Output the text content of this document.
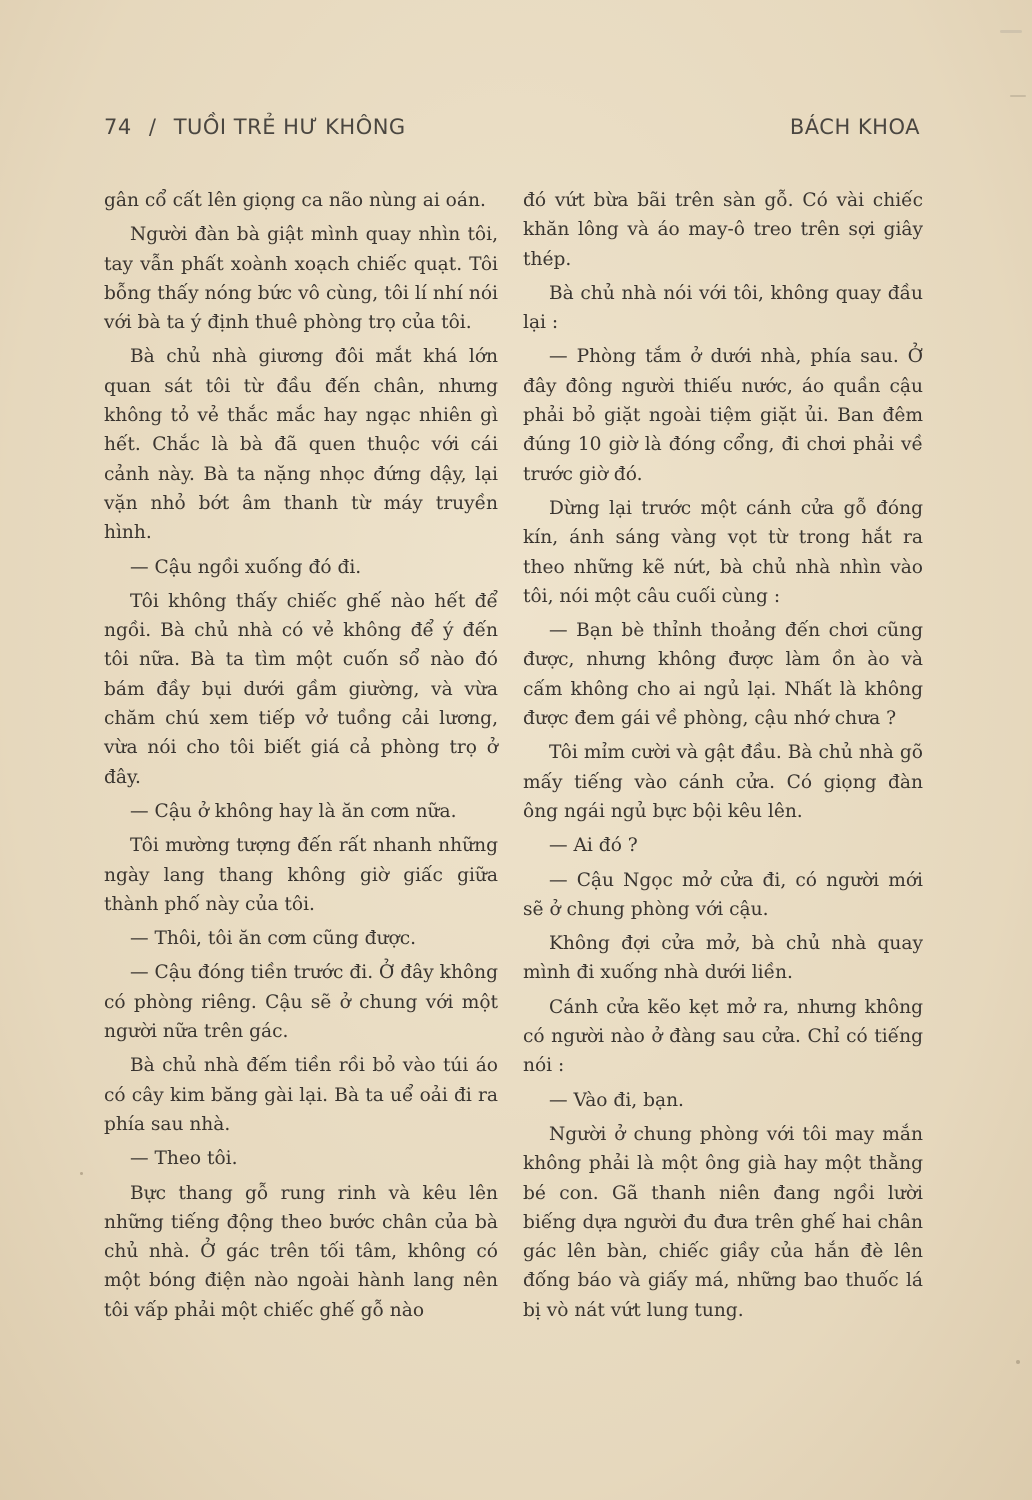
74 / TUỒI TRẺ HƯ KHÔNG	BÁCH KHOA

gân cổ cất lên giọng ca não nùng ai oán.

Người đàn bà giật mình quay nhìn tôi, tay vẫn phất xoành xoạch chiếc quạt. Tôi bỗng thấy nóng bức vô cùng, tôi lí nhí nói với bà ta ý định thuê phòng trọ của tôi.

Bà chủ nhà giương đôi mắt khá lớn quan sát tôi từ đầu đến chân, nhưng không tỏ vẻ thắc mắc hay ngạc nhiên gì hết. Chắc là bà đã quen thuộc với cái cảnh này. Bà ta nặng nhọc đứng dậy, lại vặn nhỏ bớt âm thanh từ máy truyền hình.

— Cậu ngồi xuống đó đi.

Tôi không thấy chiếc ghế nào hết để ngồi. Bà chủ nhà có vẻ không để ý đến tôi nữa. Bà ta tìm một cuốn sổ nào đó bám đầy bụi dưới gầm giường, và vừa chăm chú xem tiếp vở tuồng cải lương, vừa nói cho tôi biết giá cả phòng trọ ở đây.

— Cậu ở không hay là ăn cơm nữa.

Tôi mường tượng đến rất nhanh những ngày lang thang không giờ giấc giữa thành phố này của tôi.

— Thôi, tôi ăn cơm cũng được.

— Cậu đóng tiền trước đi. Ở đây không có phòng riêng. Cậu sẽ ở chung với một người nữa trên gác.

Bà chủ nhà đếm tiền rồi bỏ vào túi áo có cây kim băng gài lại. Bà ta uể oải đi ra phía sau nhà.

— Theo tôi.

Bực thang gỗ rung rinh và kêu lên những tiếng động theo bước chân của bà chủ nhà. Ở gác trên tối tâm, không có một bóng điện nào ngoài hành lang nên tôi vấp phải một chiếc ghế gỗ nào

đó vứt bừa bãi trên sàn gỗ. Có vài chiếc khăn lông và áo may-ô treo trên sợi giây thép.

Bà chủ nhà nói với tôi, không quay đầu lại :

— Phòng tắm ở dưới nhà, phía sau. Ở đây đông người thiếu nước, áo quần cậu phải bỏ giặt ngoài tiệm giặt ủi. Ban đêm đúng 10 giờ là đóng cổng, đi chơi phải về trước giờ đó.

Dừng lại trước một cánh cửa gỗ đóng kín, ánh sáng vàng vọt từ trong hắt ra theo những kẽ nứt, bà chủ nhà nhìn vào tôi, nói một câu cuối cùng :

— Bạn bè thỉnh thoảng đến chơi cũng được, nhưng không được làm ồn ào và cấm không cho ai ngủ lại. Nhất là không được đem gái về phòng, cậu nhớ chưa ?

Tôi mỉm cười và gật đầu. Bà chủ nhà gõ mấy tiếng vào cánh cửa. Có giọng đàn ông ngái ngủ bực bội kêu lên.

— Ai đó ?

— Cậu Ngọc mở cửa đi, có người mới sẽ ở chung phòng với cậu.

Không đợi cửa mở, bà chủ nhà quay mình đi xuống nhà dưới liền.

Cánh cửa kẽo kẹt mở ra, nhưng không có người nào ở đàng sau cửa. Chỉ có tiếng nói :

— Vào đi, bạn.

Người ở chung phòng với tôi may mắn không phải là một ông già hay một thằng bé con. Gã thanh niên đang ngồi lười biếng dựa người đu đưa trên ghế hai chân gác lên bàn, chiếc giầy của hắn đè lên đống báo và giấy má, những bao thuốc lá bị vò nát vứt lung tung.
